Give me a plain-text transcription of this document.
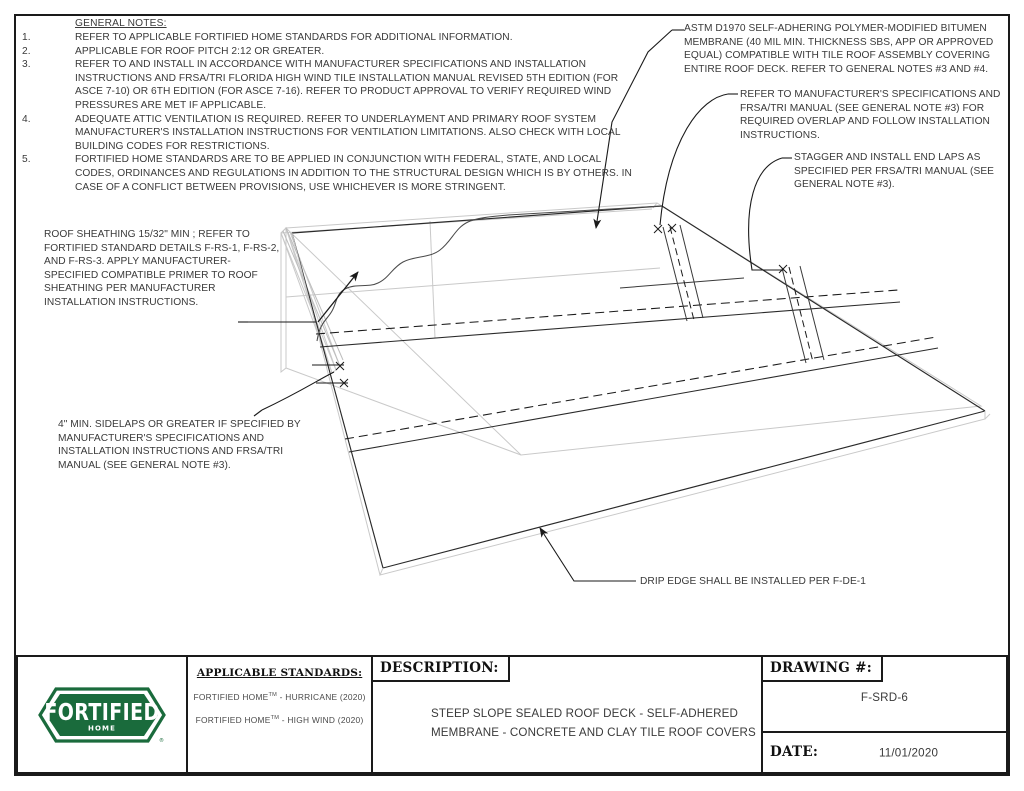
GENERAL NOTES:
1.	REFER TO APPLICABLE FORTIFIED HOME STANDARDS FOR ADDITIONAL INFORMATION.
2.	APPLICABLE FOR ROOF PITCH 2:12 OR GREATER.
3.	REFER TO AND INSTALL IN ACCORDANCE WITH MANUFACTURER SPECIFICATIONS AND INSTALLATION INSTRUCTIONS AND FRSA/TRI FLORIDA HIGH WIND TILE INSTALLATION MANUAL REVISED 5TH EDITION (FOR ASCE 7-10) OR 6TH EDITION (FOR ASCE 7-16). REFER TO PRODUCT APPROVAL TO VERIFY REQUIRED WIND PRESSURES ARE MET IF APPLICABLE.
4.	ADEQUATE ATTIC VENTILATION IS REQUIRED. REFER TO UNDERLAYMENT AND PRIMARY ROOF SYSTEM MANUFACTURER'S INSTALLATION INSTRUCTIONS FOR VENTILATION LIMITATIONS. ALSO CHECK WITH LOCAL BUILDING CODES FOR RESTRICTIONS.
5.	FORTIFIED HOME STANDARDS ARE TO BE APPLIED IN CONJUNCTION WITH FEDERAL, STATE, AND LOCAL CODES, ORDINANCES AND REGULATIONS IN ADDITION TO THE STRUCTURAL DESIGN WHICH IS BY OTHERS. IN CASE OF A CONFLICT BETWEEN PROVISIONS, USE WHICHEVER IS MORE STRINGENT.
ASTM D1970 SELF-ADHERING POLYMER-MODIFIED BITUMEN MEMBRANE (40 MIL MIN. THICKNESS SBS, APP OR APPROVED EQUAL) COMPATIBLE WITH TILE ROOF ASSEMBLY COVERING ENTIRE ROOF DECK. REFER TO GENERAL NOTES #3 AND #4.
REFER TO MANUFACTURER'S SPECIFICATIONS AND FRSA/TRI MANUAL (SEE GENERAL NOTE #3) FOR REQUIRED OVERLAP AND FOLLOW INSTALLATION INSTRUCTIONS.
STAGGER AND INSTALL END LAPS AS SPECIFIED PER FRSA/TRI MANUAL (SEE GENERAL NOTE #3).
ROOF SHEATHING 15/32" MIN ; REFER TO FORTIFIED STANDARD DETAILS F-RS-1, F-RS-2, AND F-RS-3. APPLY MANUFACTURER-SPECIFIED COMPATIBLE PRIMER TO ROOF SHEATHING PER MANUFACTURER INSTALLATION INSTRUCTIONS.
4" MIN. SIDELAPS OR GREATER IF SPECIFIED BY MANUFACTURER'S SPECIFICATIONS AND INSTALLATION INSTRUCTIONS AND FRSA/TRI MANUAL (SEE GENERAL NOTE #3).
DRIP EDGE SHALL BE INSTALLED PER F-DE-1
FORTIFIED
HOME
®
APPLICABLE STANDARDS:
FORTIFIED HOME™ - HURRICANE (2020)
FORTIFIED HOME™ - HIGH WIND (2020)
DESCRIPTION:
STEEP SLOPE SEALED ROOF DECK - SELF-ADHERED MEMBRANE - CONCRETE AND CLAY TILE ROOF COVERS
DRAWING #:
F-SRD-6
DATE:	11/01/2020
